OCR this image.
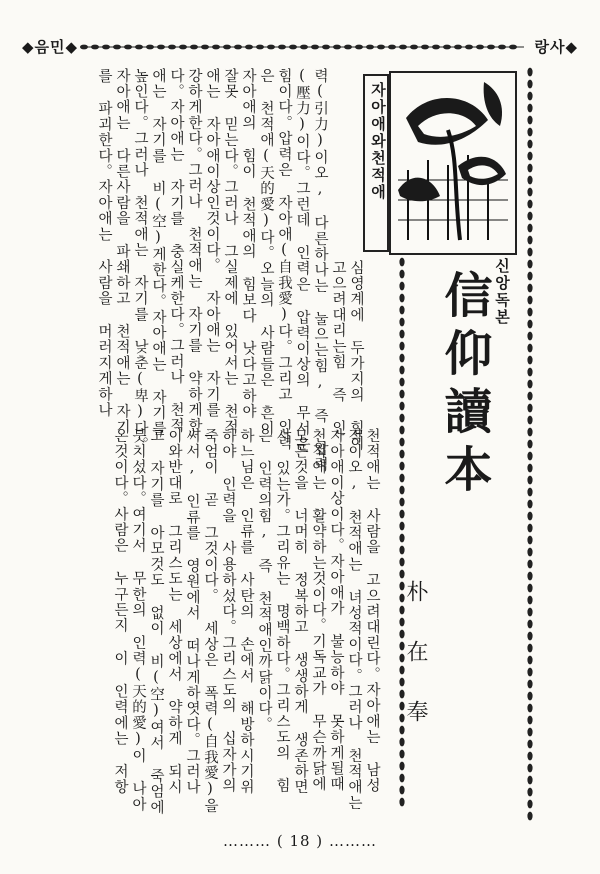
◆음민◆	랑사◆
자아애와천적애
신앙독본
信仰讀本
朴在奉
심영계에 두가지의 힘이
고으려대리는힘 즉 인
력(引力)이오, 다른하나는 눌으는힘, 즉 압력
(壓力)이다。그런데 인력은 압력이상의 무서운
힘이다。압력은 자아애(自我愛)다。그리고 인력
은 천적애(天的愛)다。오늘의 사람들은 흔이
자아애의 힘이 천적애의 힘보다 낫다고하야
잘못 믿는다。그러나 그실제에 있어서는 천적
애는 자아애이상인것이다。 자아애는 자기를
강하게한다。그러나 천적애는 자기를 약하게한
다。자아애는 자기를 충실케한다。그러나 천적
애는 자기를 비(空)게한다。자아애는 자기를
높인다。그러나 천적애는 자기를 낮춘(卑)다。
자아애는 다른사람을 파쇄하고 천적애는 자기
를 파괴한다。자아애는 사람을 머러지게하나
천적애는 사람을 고으려대린다。자아애는 남성
적이오, 천적애는 녀성적이다。그러나 천적애는
자아애이상이다。자아애가 불능하야 못하게될때
천적애는 활약하는것이다。기독교가 무슨까닭에
모든것을 너머히 정복하고 생생하게 생존하면
서 있는가。그리유는 명백하다。그리스도의 힘
은 인력의힘, 즉 천적애인까닭이다。
하느님은 인류를 사탄의 손에서 해방하시기위
하야 인력을 사용하섰다。그리스도의 십자가의
죽엄이 곧 그것이다。 세상은 폭력(自我愛)을
써서, 인류를 영원에서 떠나게하엿다。그러나
이와반대로 그리스도는 세상에서 약하게 되시
고 자기를 아모것도 없이 비(空)여서 죽엄에
붓치섰다。여기서 무한의 인력(天的愛)이 나아
온것이다。사람은 누구든지 이 인력에는 저항
……… ( 18 ) ………
